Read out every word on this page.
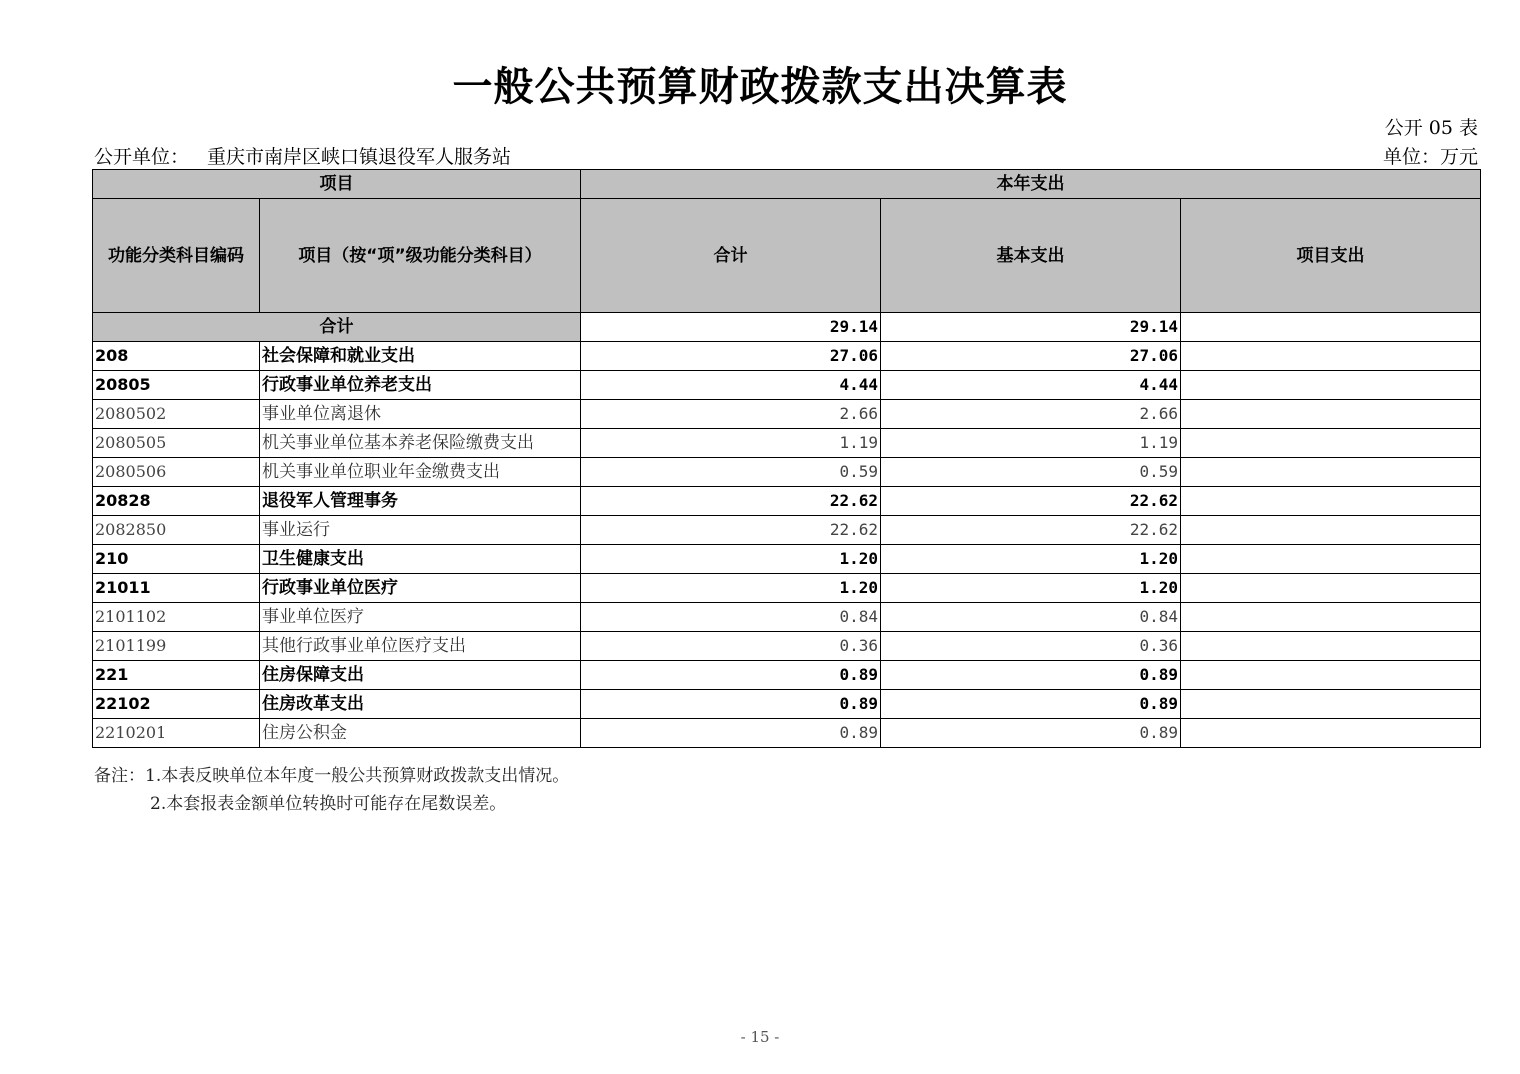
一般公共预算财政拨款支出决算表
公开 05 表
公开单位： 重庆市南岸区峡口镇退役军人服务站	单位：万元
项目		本年支出		
功能分类科目编码	项目（按“项”级功能分类科目）	合计	基本支出	项目支出
合计		29.14	29.14	
208	社会保障和就业支出	27.06	27.06	
20805	行政事业单位养老支出	4.44	4.44	
2080502	事业单位离退休	2.66	2.66	
2080505	机关事业单位基本养老保险缴费支出	1.19	1.19	
2080506	机关事业单位职业年金缴费支出	0.59	0.59	
20828	退役军人管理事务	22.62	22.62	
2082850	事业运行	22.62	22.62	
210	卫生健康支出	1.20	1.20	
21011	行政事业单位医疗	1.20	1.20	
2101102	事业单位医疗	0.84	0.84	
2101199	其他行政事业单位医疗支出	0.36	0.36	
221	住房保障支出	0.89	0.89	
22102	住房改革支出	0.89	0.89	
2210201	住房公积金	0.89	0.89	
备注：1.本表反映单位本年度一般公共预算财政拨款支出情况。
2.本套报表金额单位转换时可能存在尾数误差。
- 15 -
